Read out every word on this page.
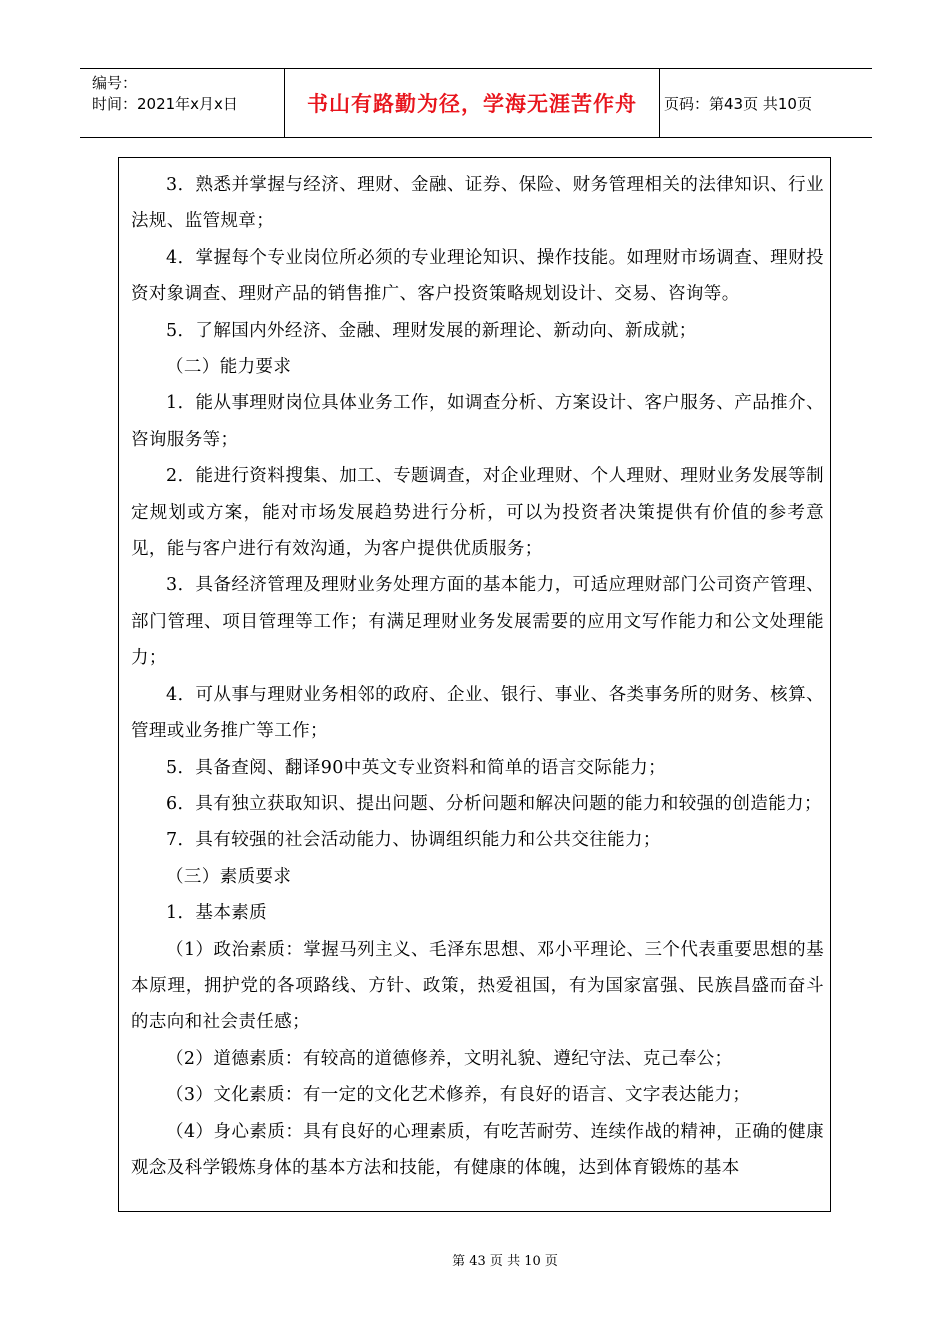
编号：
时间：2021年x月x日	书山有路勤为径，学海无涯苦作舟	页码：第43页 共10页

3．熟悉并掌握与经济、理财、金融、证券、保险、财务管理相关的法律知识、行业法规、监管规章；

4．掌握每个专业岗位所必须的专业理论知识、操作技能。如理财市场调查、理财投资对象调查、理财产品的销售推广、客户投资策略规划设计、交易、咨询等。

5．了解国内外经济、金融、理财发展的新理论、新动向、新成就；

（二）能力要求

1．能从事理财岗位具体业务工作，如调查分析、方案设计、客户服务、产品推介、咨询服务等；

2．能进行资料搜集、加工、专题调查，对企业理财、个人理财、理财业务发展等制定规划或方案，能对市场发展趋势进行分析，可以为投资者决策提供有价值的参考意见，能与客户进行有效沟通，为客户提供优质服务；

3．具备经济管理及理财业务处理方面的基本能力，可适应理财部门公司资产管理、部门管理、项目管理等工作；有满足理财业务发展需要的应用文写作能力和公文处理能力；

4．可从事与理财业务相邻的政府、企业、银行、事业、各类事务所的财务、核算、管理或业务推广等工作；

5．具备查阅、翻译90中英文专业资料和简单的语言交际能力；

6．具有独立获取知识、提出问题、分析问题和解决问题的能力和较强的创造能力；

7．具有较强的社会活动能力、协调组织能力和公共交往能力；

（三）素质要求

1．基本素质

（1）政治素质：掌握马列主义、毛泽东思想、邓小平理论、三个代表重要思想的基本原理，拥护党的各项路线、方针、政策，热爱祖国，有为国家富强、民族昌盛而奋斗的志向和社会责任感；

（2）道德素质：有较高的道德修养，文明礼貌、遵纪守法、克己奉公；

（3）文化素质：有一定的文化艺术修养，有良好的语言、文字表达能力；

（4）身心素质：具有良好的心理素质，有吃苦耐劳、连续作战的精神，正确的健康观念及科学锻炼身体的基本方法和技能，有健康的体魄，达到体育锻炼的基本

第 43 页 共 10 页
